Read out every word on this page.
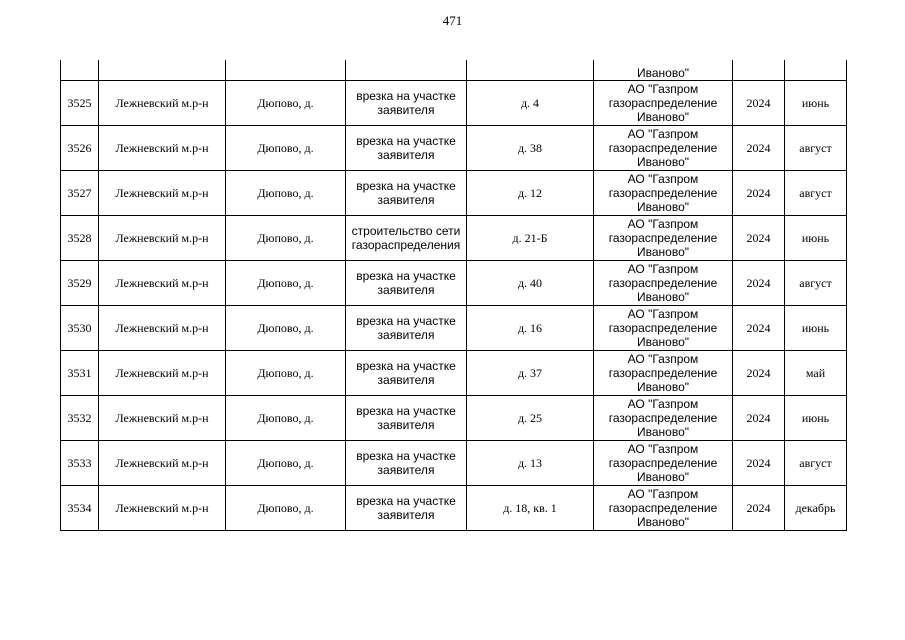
471
					Иваново"		
3525	Лежневский м.р-н	Дюпово, д.	врезка на участке заявителя	д. 4	АО "Газпром газораспределение Иваново"	2024	июнь
3526	Лежневский м.р-н	Дюпово, д.	врезка на участке заявителя	д. 38	АО "Газпром газораспределение Иваново"	2024	август
3527	Лежневский м.р-н	Дюпово, д.	врезка на участке заявителя	д. 12	АО "Газпром газораспределение Иваново"	2024	август
3528	Лежневский м.р-н	Дюпово, д.	строительство сети газораспределения	д. 21-Б	АО "Газпром газораспределение Иваново"	2024	июнь
3529	Лежневский м.р-н	Дюпово, д.	врезка на участке заявителя	д. 40	АО "Газпром газораспределение Иваново"	2024	август
3530	Лежневский м.р-н	Дюпово, д.	врезка на участке заявителя	д. 16	АО "Газпром газораспределение Иваново"	2024	июнь
3531	Лежневский м.р-н	Дюпово, д.	врезка на участке заявителя	д. 37	АО "Газпром газораспределение Иваново"	2024	май
3532	Лежневский м.р-н	Дюпово, д.	врезка на участке заявителя	д. 25	АО "Газпром газораспределение Иваново"	2024	июнь
3533	Лежневский м.р-н	Дюпово, д.	врезка на участке заявителя	д. 13	АО "Газпром газораспределение Иваново"	2024	август
3534	Лежневский м.р-н	Дюпово, д.	врезка на участке заявителя	д. 18, кв. 1	АО "Газпром газораспределение Иваново"	2024	декабрь
